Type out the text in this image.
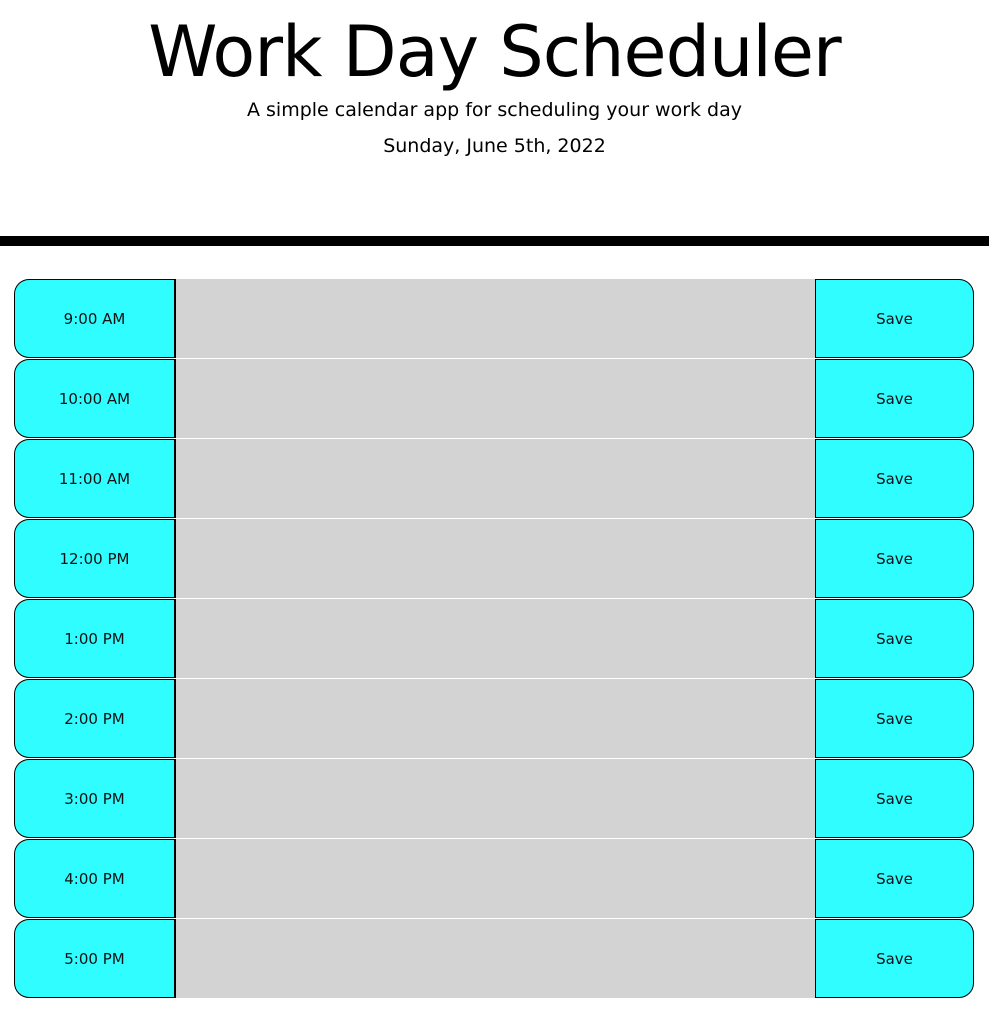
Work Day Scheduler

A simple calendar app for scheduling your work day

Sunday, June 5th, 2022

9:00 AM	Save
10:00 AM	Save
11:00 AM	Save
12:00 PM	Save
1:00 PM	Save
2:00 PM	Save
3:00 PM	Save
4:00 PM	Save
5:00 PM	Save
